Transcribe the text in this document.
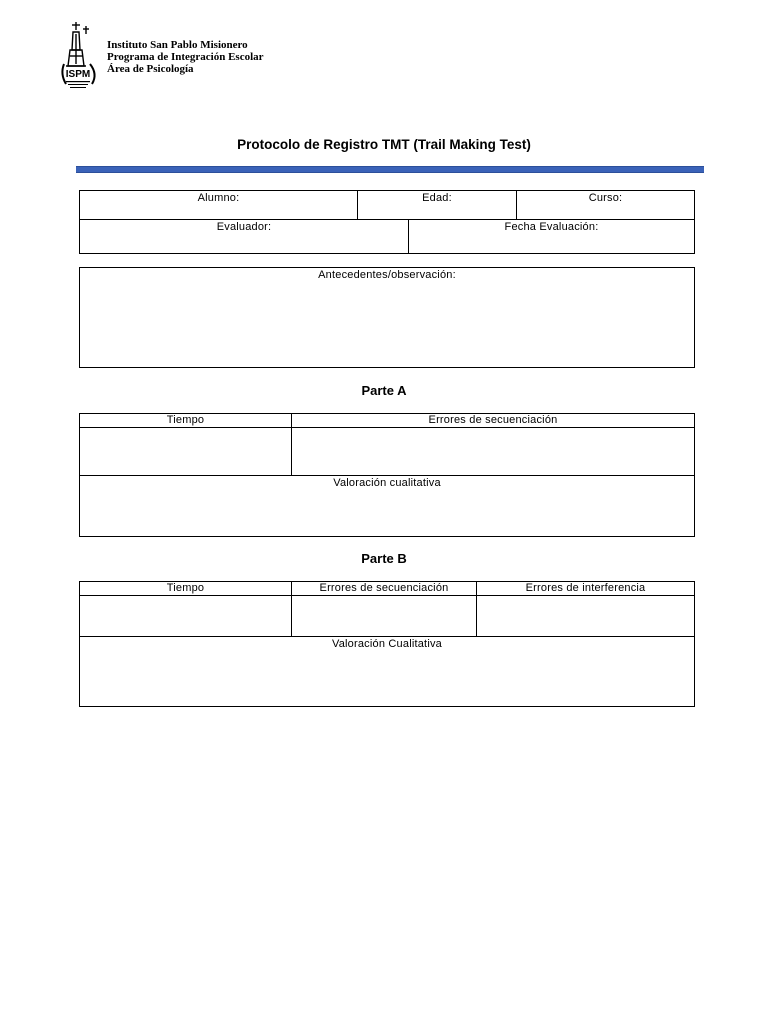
ISPM
Instituto San Pablo Misionero
Programa de Integración Escolar
Área de Psicología
Protocolo de Registro TMT (Trail Making Test)
Alumno:	Edad:	Curso:
Evaluador:	Fecha Evaluación:
Antecedentes/observación:
Parte A
Tiempo	Errores de secuenciación
Valoración cualitativa
Parte B
Tiempo	Errores de secuenciación	Errores de interferencia
Valoración Cualitativa
